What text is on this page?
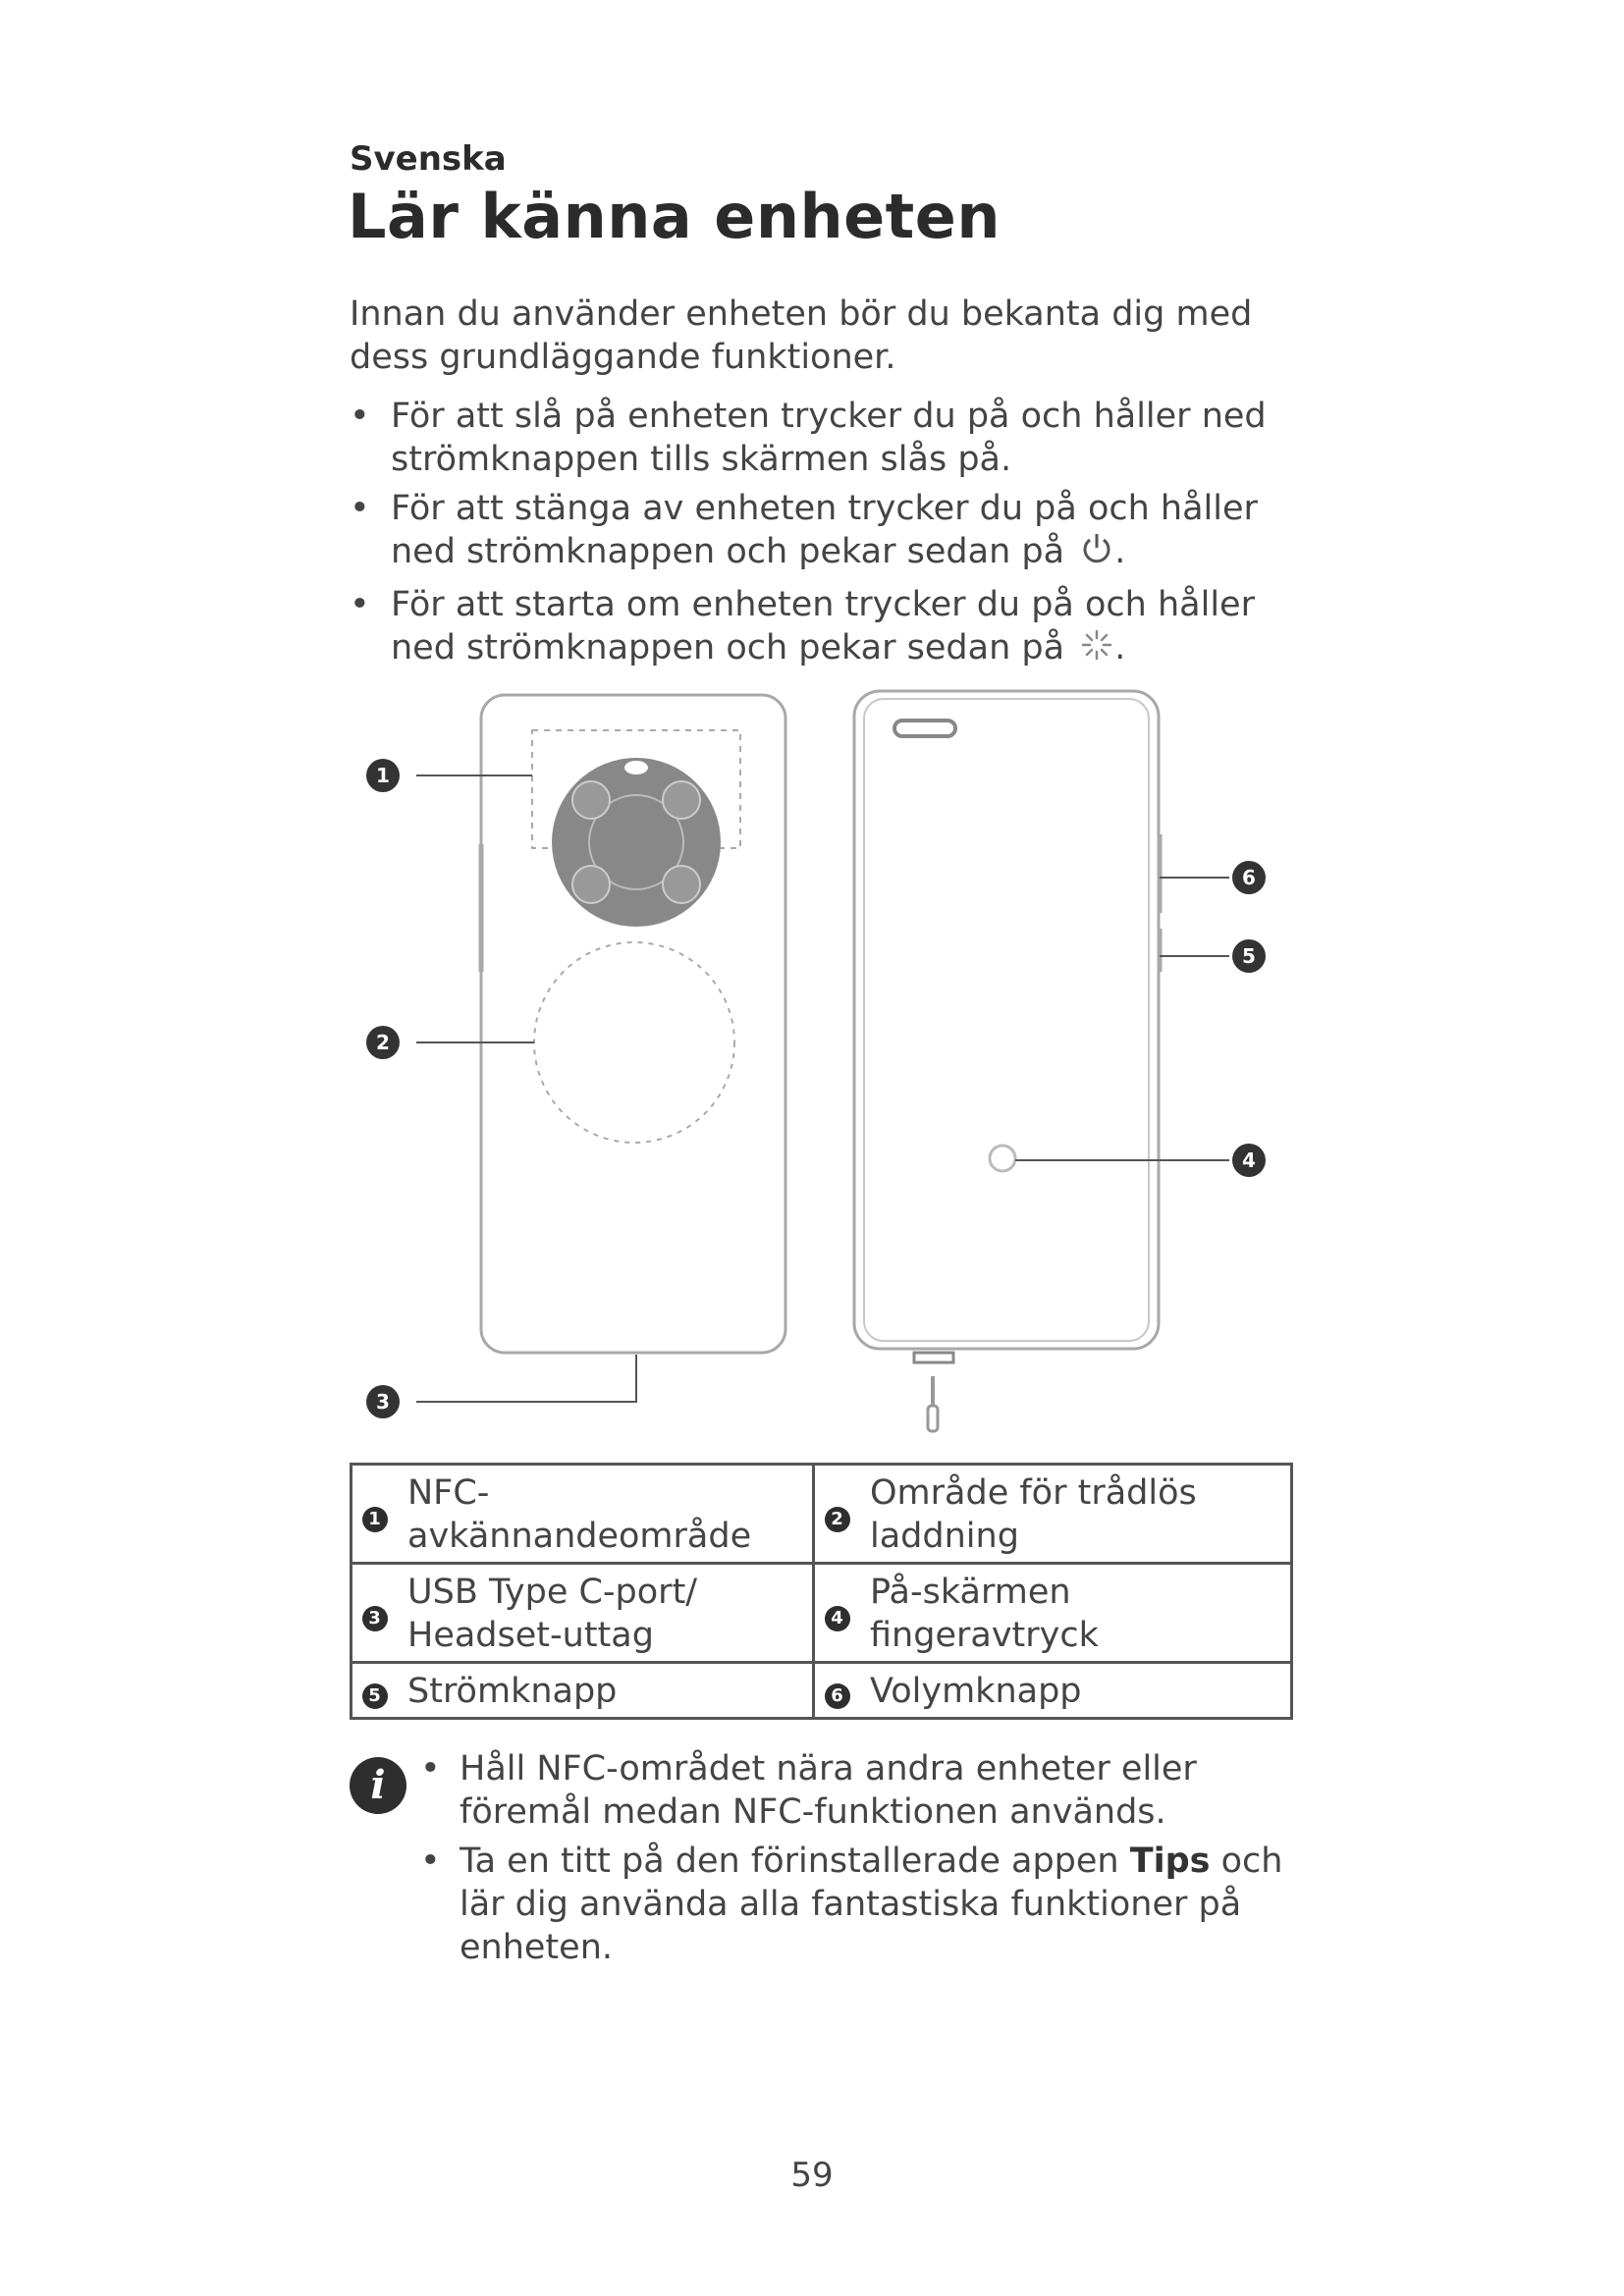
Svenska
Lär känna enheten
Innan du använder enheten bör du bekanta dig med dess grundläggande funktioner.
• För att slå på enheten trycker du på och håller ned strömknappen tills skärmen slås på.
• För att stänga av enheten trycker du på och håller ned strömknappen och pekar sedan på .
• För att starta om enheten trycker du på och håller ned strömknappen och pekar sedan på .
1
2
3
6
5
4
1	NFC-avkännandeområde	2	Område för trådlös laddning
3	USB Type C-port/ Headset-uttag	4	På-skärmen fingeravtryck
5	Strömknapp	6	Volymknapp
i	• Håll NFC-området nära andra enheter eller föremål medan NFC-funktionen används.
• Ta en titt på den förinstallerade appen Tips och lär dig använda alla fantastiska funktioner på enheten.
59
